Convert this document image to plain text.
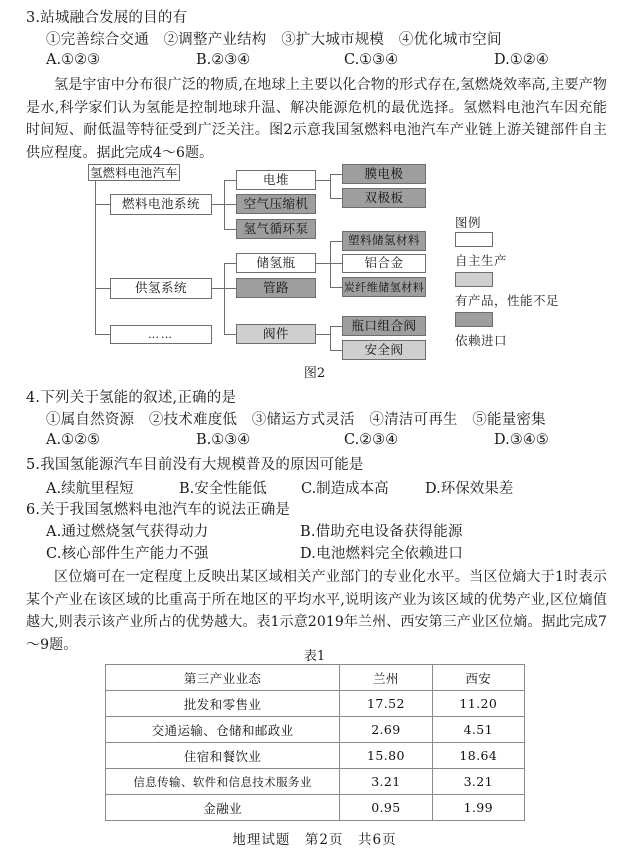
3.站城融合发展的目的有
①完善综合交通　②调整产业结构　③扩大城市规模　④优化城市空间
A.①②③	B.②③④	C.①③④	D.①②④
氢是宇宙中分布很广泛的物质,在地球上主要以化合物的形式存在,氢燃烧效率高,主要产物是水,科学家们认为氢能是控制地球升温、解决能源危机的最优选择。氢燃料电池汽车因充能时间短、耐低温等特征受到广泛关注。图2示意我国氢燃料电池汽车产业链上游关键部件自主供应程度。据此完成4～6题。
氢燃料电池汽车
燃料电池系统
供氢系统
……
电堆
空气压缩机
氢气循环泵
膜电极
双极板
储氢瓶
管路
阀件
塑料储氢材料
铝合金
炭纤维储氢材料
瓶口组合阀
安全阀
图例
自主生产
有产品，性能不足
依赖进口
图2
4.下列关于氢能的叙述,正确的是
①属自然资源　②技术难度低　③储运方式灵活　④清洁可再生　⑤能量密集
A.①②⑤	B.①③④	C.②③④	D.③④⑤
5.我国氢能源汽车目前没有大规模普及的原因可能是
A.续航里程短	B.安全性能低 C.制造成本高	D.环保效果差
6.关于我国氢燃料电池汽车的说法正确是
A.通过燃烧氢气获得动力	B.借助充电设备获得能源
C.核心部件生产能力不强	D.电池燃料完全依赖进口
区位熵可在一定程度上反映出某区域相关产业部门的专业化水平。当区位熵大于1时表示某个产业在该区域的比重高于所在地区的平均水平,说明该产业为该区域的优势产业,区位熵值越大,则表示该产业所占的优势越大。表1示意2019年兰州、西安第三产业区位熵。据此完成7～9题。
表1
第三产业业态	兰州	西安
批发和零售业	17.52	11.20
交通运输、仓储和邮政业	2.69	4.51
住宿和餐饮业	15.80	18.64
信息传输、软件和信息技术服务业	3.21	3.21
金融业	0.95	1.99
地理试题　第2页　共6页
